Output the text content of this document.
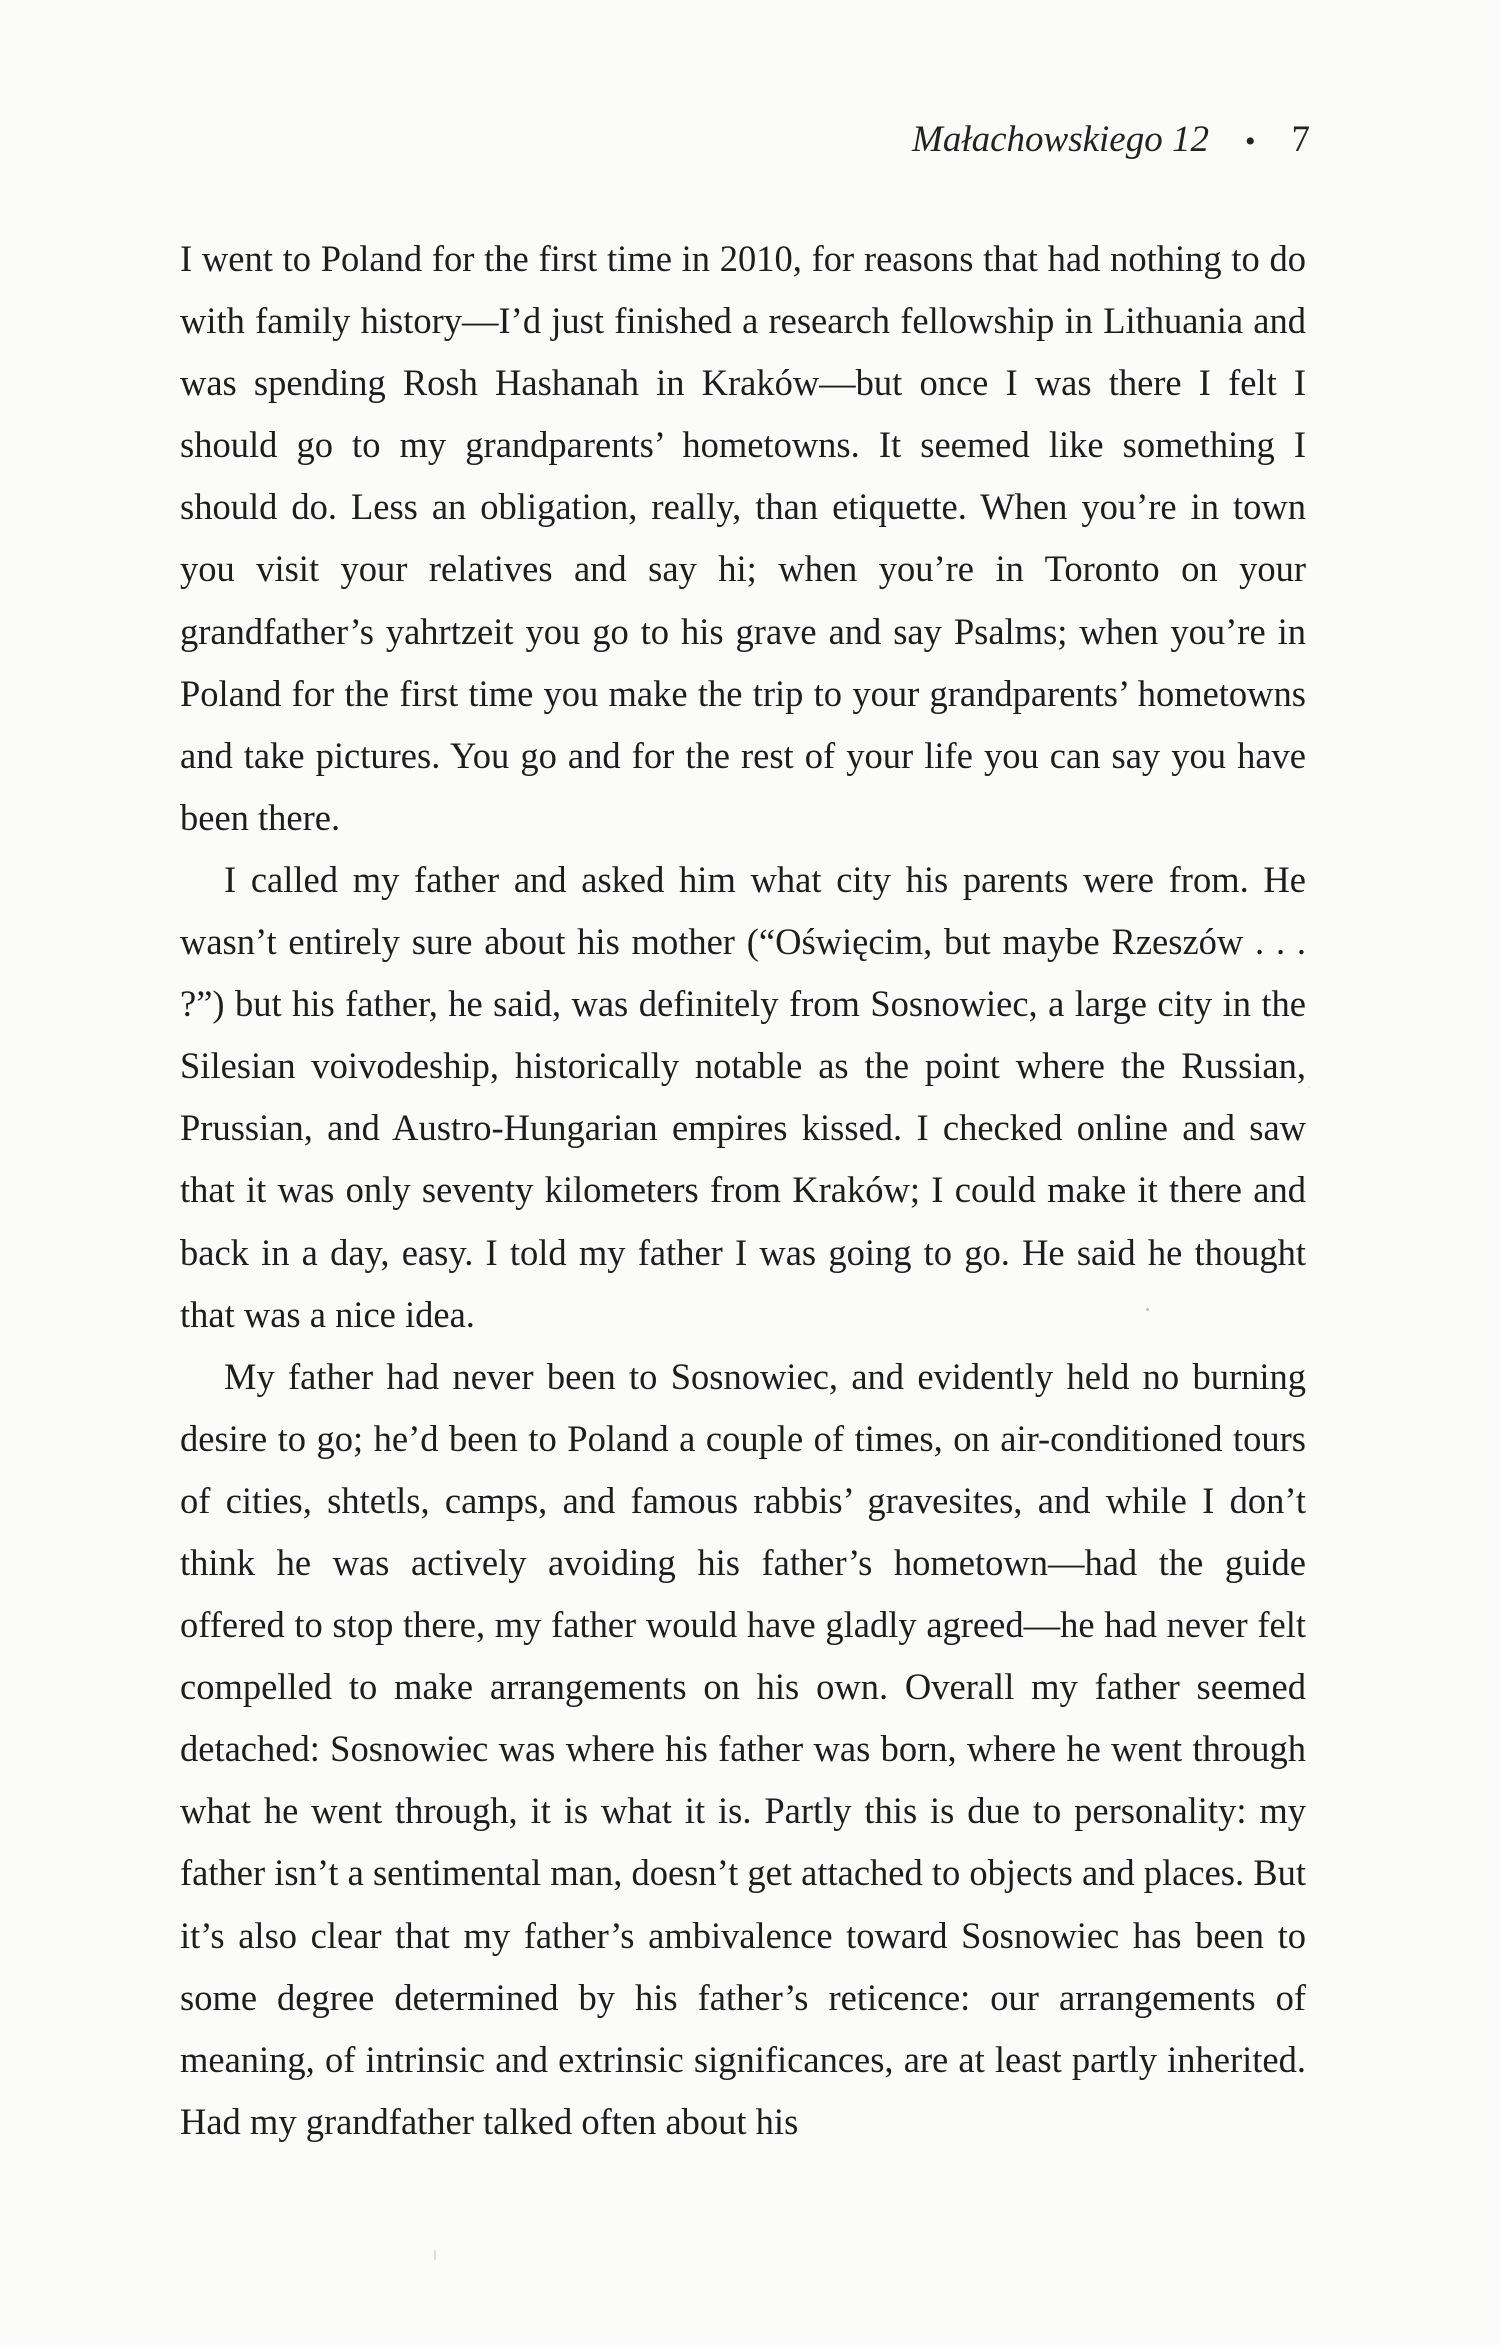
Małachowskiego 12 • 7

I went to Poland for the first time in 2010, for reasons that had nothing to do with family history—I’d just finished a research fellowship in Lithuania and was spending Rosh Hashanah in Kraków—but once I was there I felt I should go to my grandparents’ hometowns. It seemed like something I should do. Less an obligation, really, than etiquette. When you’re in town you visit your relatives and say hi; when you’re in Toronto on your grandfather’s yahrtzeit you go to his grave and say Psalms; when you’re in Poland for the first time you make the trip to your grandparents’ hometowns and take pictures. You go and for the rest of your life you can say you have been there.

I called my father and asked him what city his parents were from. He wasn’t entirely sure about his mother (“Oświęcim, but maybe Rzeszów . . . ?”) but his father, he said, was definitely from Sosnowiec, a large city in the Silesian voivodeship, historically notable as the point where the Russian, Prussian, and Austro-Hungarian empires kissed. I checked online and saw that it was only seventy kilometers from Kraków; I could make it there and back in a day, easy. I told my father I was going to go. He said he thought that was a nice idea.

My father had never been to Sosnowiec, and evidently held no burning desire to go; he’d been to Poland a couple of times, on air-conditioned tours of cities, shtetls, camps, and famous rabbis’ gravesites, and while I don’t think he was actively avoiding his father’s hometown—had the guide offered to stop there, my father would have gladly agreed—he had never felt compelled to make arrangements on his own. Overall my father seemed detached: Sosnowiec was where his father was born, where he went through what he went through, it is what it is. Partly this is due to personality: my father isn’t a sentimental man, doesn’t get attached to objects and places. But it’s also clear that my father’s ambivalence toward Sosnowiec has been to some degree determined by his father’s reticence: our arrangements of meaning, of intrinsic and extrinsic significances, are at least partly inherited. Had my grandfather talked often about his
